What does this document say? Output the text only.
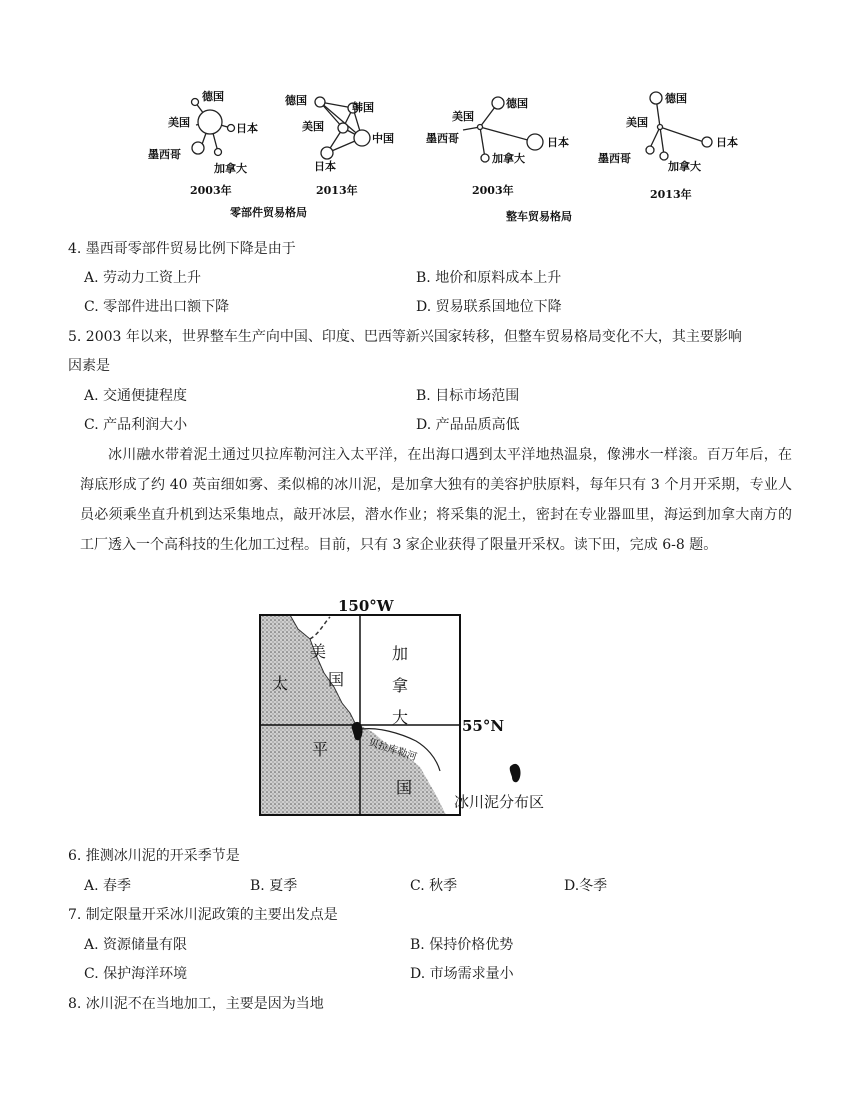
德国
美国	日本
墨西哥
加拿大
2003年
德国
韩国
美国
中国
日本
2013年
德国
美国
墨西哥	日本
加拿大
2003年
德国
美国
日本
墨西哥
加拿大
2013年
零部件贸易格局	整车贸易格局
4. 墨西哥零部件贸易比例下降是由于
A. 劳动力工资上升	B. 地价和原料成本上升
C. 零部件进出口额下降	D. 贸易联系国地位下降
5. 2003 年以来，世界整车生产向中国、印度、巴西等新兴国家转移，但整车贸易格局变化不大，其主要影响
因素是
A. 交通便捷程度	B. 目标市场范围
C. 产品利润大小	D. 产品品质高低
冰川融水带着泥土通过贝拉库勒河注入太平洋，在出海口遇到太平洋地热温泉，像沸水一样滚。百万年后，在海底形成了约 40 英亩细如雾、柔似棉的冰川泥，是加拿大独有的美容护肤原料，每年只有 3 个月开采期，专业人员必须乘坐直升机到达采集地点，敲开冰层，潜水作业；将采集的泥土，密封在专业器皿里，海运到加拿大南方的工厂透入一个高科技的生化加工过程。目前，只有 3 家企业获得了限量开采权。读下田，完成 6-8 题。
150°W
55°N
加
拿
大
美
国
太
平
国
贝拉库勒河
冰川泥分布区
6. 推测冰川泥的开采季节是
A. 春季	B. 夏季	C. 秋季	D.冬季
7. 制定限量开采冰川泥政策的主要出发点是
A. 资源储量有限	B. 保持价格优势
C. 保护海洋环境	D. 市场需求量小
8. 冰川泥不在当地加工，主要是因为当地
